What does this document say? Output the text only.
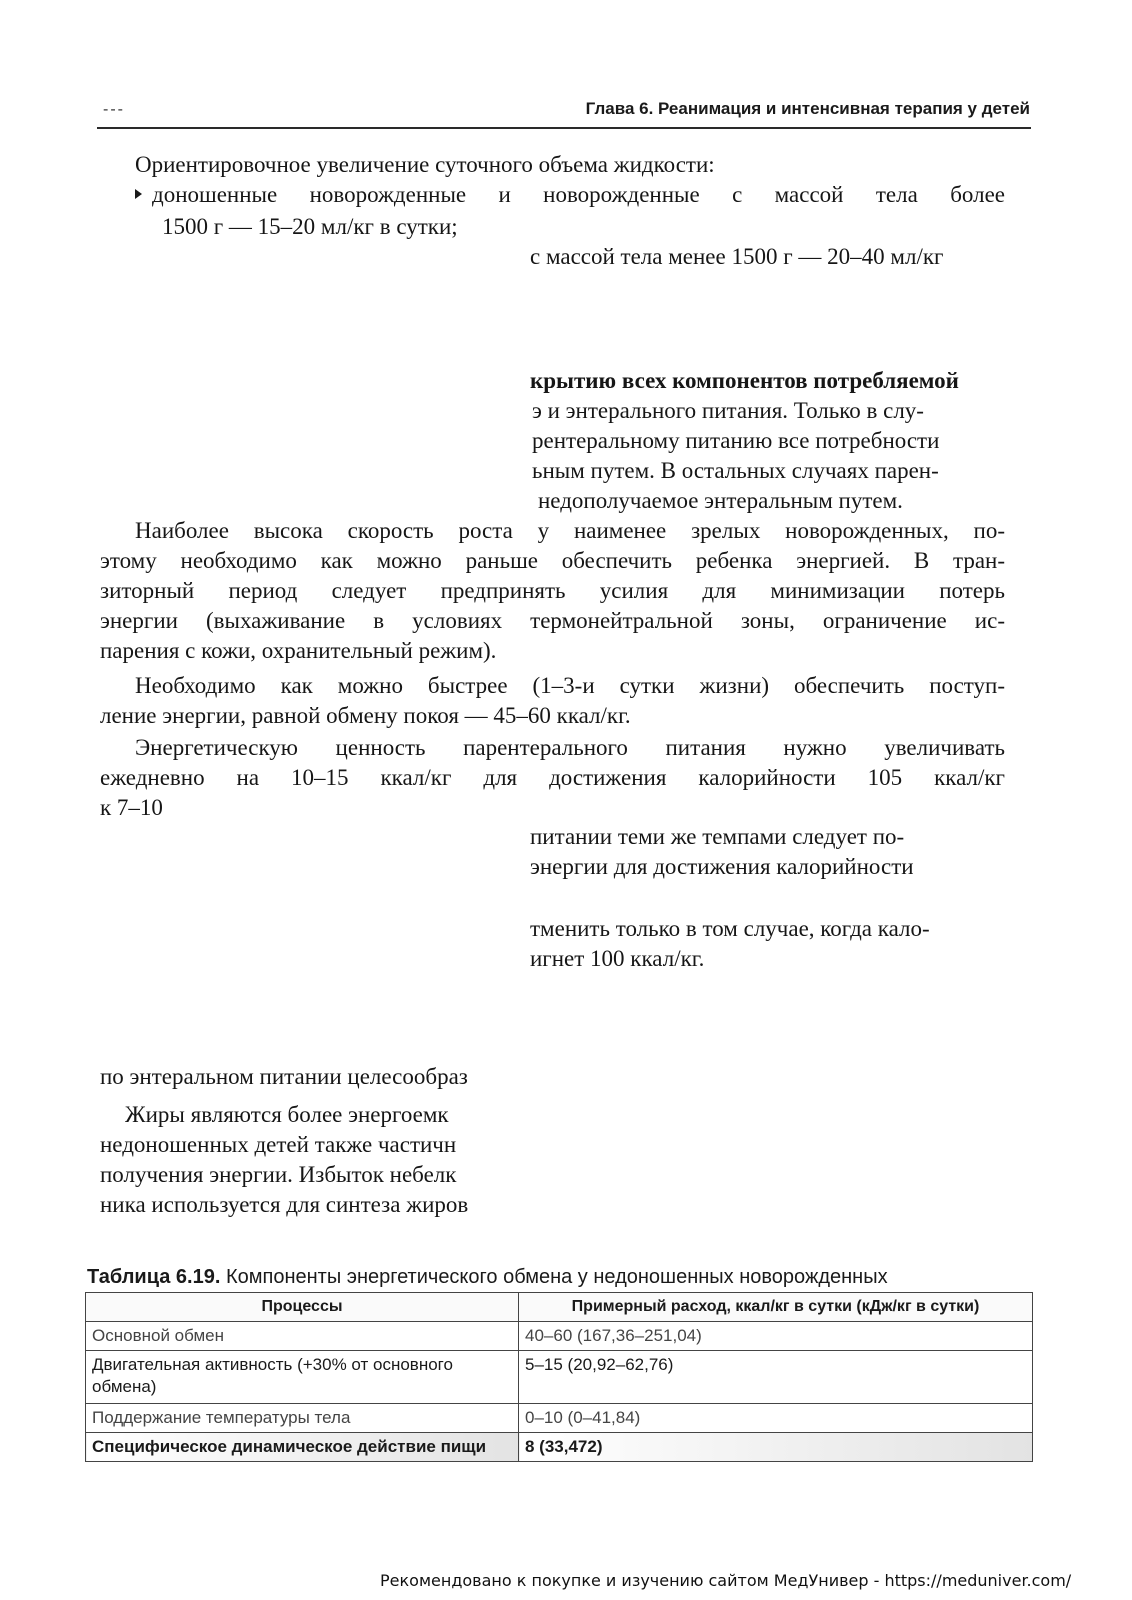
---	Глава 6. Реанимация и интенсивная терапия у детей
Ориентировочное увеличение суточного объема жидкости:
доношенные новорожденные и новорожденные с массой тела более
1500 г — 15–20 мл/кг в сутки;
с массой тела менее 1500 г — 20–40 мл/кг
крытию всех компонентов потребляемой
э и энтерального питания. Только в слу-
рентеральному питанию все потребности
ьным путем. В остальных случаях парен-
недополучаемое энтеральным путем.
Наиболее высока скорость роста у наименее зрелых новорожденных, по-
этому необходимо как можно раньше обеспечить ребенка энергией. В тран-
зиторный период следует предпринять усилия для минимизации потерь
энергии (выхаживание в условиях термонейтральной зоны, ограничение ис-
парения с кожи, охранительный режим).
Необходимо как можно быстрее (1–3-и сутки жизни) обеспечить поступ-
ление энергии, равной обмену покоя — 45–60 ккал/кг.
Энергетическую ценность парентерального питания нужно увеличивать
ежедневно на 10–15 ккал/кг для достижения калорийности 105 ккал/кг
к 7–10
питании теми же темпами следует по-
энергии для достижения калорийности
тменить только в том случае, когда кало-
игнет 100 ккал/кг.
по энтеральном питании целесообраз
Жиры являются более энергоемк
недоношенных детей также частичн
получения энергии. Избыток небелк
ника используется для синтеза жиров
Таблица 6.19. Компоненты энергетического обмена у недоношенных новорожденных
Процессы	Примерный расход, ккал/кг в сутки (кДж/кг в сутки)
Основной обмен	40–60 (167,36–251,04)
Двигательная активность (+30% от основного обмена)	5–15 (20,92–62,76)
Поддержание температуры тела	0–10 (0–41,84)
Специфическое динамическое действие пищи	8 (33,472)
Рекомендовано к покупке и изучению сайтом МедУнивер - https://meduniver.com/
